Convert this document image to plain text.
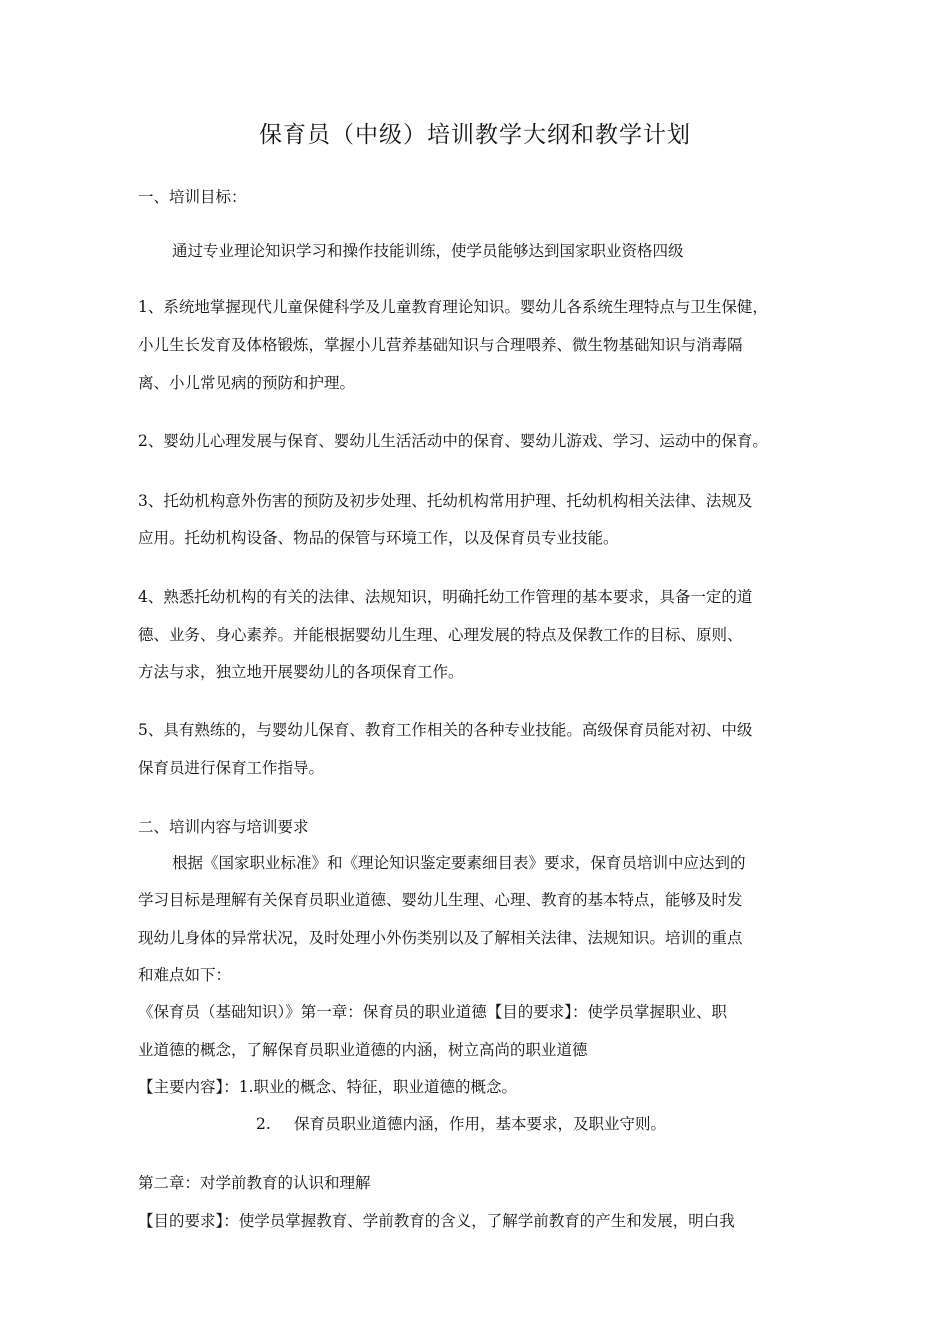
保育员（中级）培训教学大纲和教学计划
一、培训目标：
通过专业理论知识学习和操作技能训练，使学员能够达到国家职业资格四级
1、系统地掌握现代儿童保健科学及儿童教育理论知识。婴幼儿各系统生理特点与卫生保健，
小儿生长发育及体格锻炼，掌握小儿营养基础知识与合理喂养、微生物基础知识与消毒隔
离、小儿常见病的预防和护理。
2、婴幼儿心理发展与保育、婴幼儿生活活动中的保育、婴幼儿游戏、学习、运动中的保育。
3、托幼机构意外伤害的预防及初步处理、托幼机构常用护理、托幼机构相关法律、法规及
应用。托幼机构设备、物品的保管与环境工作，以及保育员专业技能。
4、熟悉托幼机构的有关的法律、法规知识，明确托幼工作管理的基本要求，具备一定的道
德、业务、身心素养。并能根据婴幼儿生理、心理发展的特点及保教工作的目标、原则、
方法与求，独立地开展婴幼儿的各项保育工作。
5、具有熟练的，与婴幼儿保育、教育工作相关的各种专业技能。高级保育员能对初、中级
保育员进行保育工作指导。
二、培训内容与培训要求
根据《国家职业标准》和《理论知识鉴定要素细目表》要求，保育员培训中应达到的
学习目标是理解有关保育员职业道德、婴幼儿生理、心理、教育的基本特点，能够及时发
现幼儿身体的异常状况，及时处理小外伤类别以及了解相关法律、法规知识。培训的重点
和难点如下：
《保育员（基础知识）》第一章：保育员的职业道德【目的要求】：使学员掌握职业、职
业道德的概念，了解保育员职业道德的内涵，树立高尚的职业道德
【主要内容】：1.职业的概念、特征，职业道德的概念。
2. 保育员职业道德内涵，作用，基本要求，及职业守则。
第二章：对学前教育的认识和理解
【目的要求】：使学员掌握教育、学前教育的含义，了解学前教育的产生和发展，明白我
